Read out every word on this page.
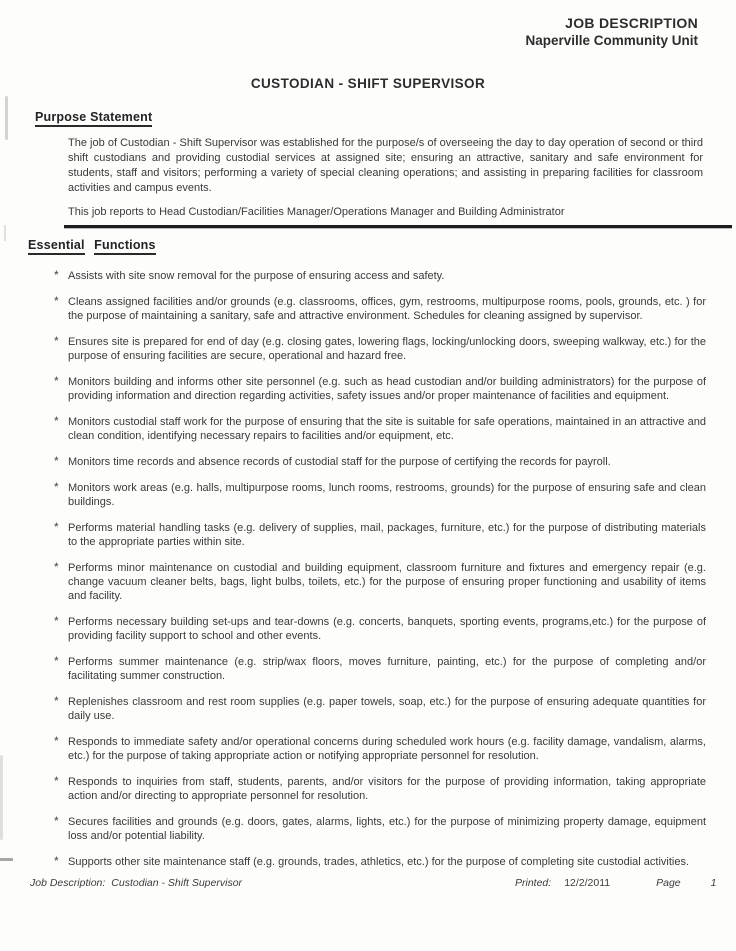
JOB DESCRIPTION
Naperville Community Unit
CUSTODIAN - SHIFT SUPERVISOR
Purpose Statement

The job of Custodian - Shift Supervisor was established for the purpose/s of overseeing the day to day operation of second or third shift custodians and providing custodial services at assigned site; ensuring an attractive, sanitary and safe environment for students, staff and visitors; performing a variety of special cleaning operations; and assisting in preparing facilities for classroom activities and campus events.

This job reports to Head Custodian/Facilities Manager/Operations Manager and Building Administrator

Essential Functions
* Assists with site snow removal for the purpose of ensuring access and safety.
* Cleans assigned facilities and/or grounds (e.g. classrooms, offices, gym, restrooms, multipurpose rooms, pools, grounds, etc. ) for the purpose of maintaining a sanitary, safe and attractive environment. Schedules for cleaning assigned by supervisor.
* Ensures site is prepared for end of day (e.g. closing gates, lowering flags, locking/unlocking doors, sweeping walkway, etc.) for the purpose of ensuring facilities are secure, operational and hazard free.
* Monitors building and informs other site personnel (e.g. such as head custodian and/or building administrators) for the purpose of providing information and direction regarding activities, safety issues and/or proper maintenance of facilities and equipment.
* Monitors custodial staff work for the purpose of ensuring that the site is suitable for safe operations, maintained in an attractive and clean condition, identifying necessary repairs to facilities and/or equipment, etc.
* Monitors time records and absence records of custodial staff for the purpose of certifying the records for payroll.
* Monitors work areas (e.g. halls, multipurpose rooms, lunch rooms, restrooms, grounds) for the purpose of ensuring safe and clean buildings.
* Performs material handling tasks (e.g. delivery of supplies, mail, packages, furniture, etc.) for the purpose of distributing materials to the appropriate parties within site.
* Performs minor maintenance on custodial and building equipment, classroom furniture and fixtures and emergency repair (e.g. change vacuum cleaner belts, bags, light bulbs, toilets, etc.) for the purpose of ensuring proper functioning and usability of items and facility.
* Performs necessary building set-ups and tear-downs (e.g. concerts, banquets, sporting events, programs,etc.) for the purpose of providing facility support to school and other events.
* Performs summer maintenance (e.g. strip/wax floors, moves furniture, painting, etc.) for the purpose of completing and/or facilitating summer construction.
* Replenishes classroom and rest room supplies (e.g. paper towels, soap, etc.) for the purpose of ensuring adequate quantities for daily use.
* Responds to immediate safety and/or operational concerns during scheduled work hours (e.g. facility damage, vandalism, alarms, etc.) for the purpose of taking appropriate action or notifying appropriate personnel for resolution.
* Responds to inquiries from staff, students, parents, and/or visitors for the purpose of providing information, taking appropriate action and/or directing to appropriate personnel for resolution.
* Secures facilities and grounds (e.g. doors, gates, alarms, lights, etc.) for the purpose of minimizing property damage, equipment loss and/or potential liability.
* Supports other site maintenance staff (e.g. grounds, trades, athletics, etc.) for the purpose of completing site custodial activities.
Job Description: Custodian - Shift Supervisor	Printed: 12/2/2011	Page	1
